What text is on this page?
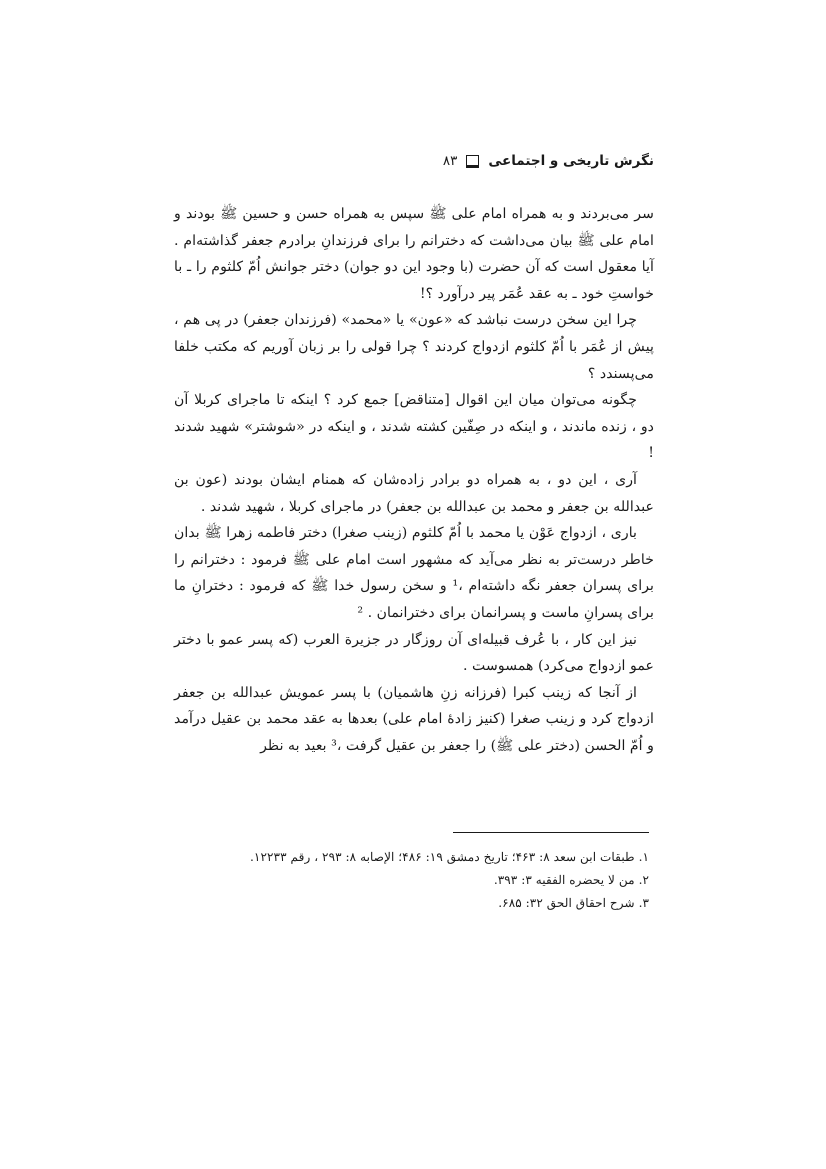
نگرش تاریخی و اجتماعی
۸۳

سر می‌بردند و به همراه امام علی ﷺ سپس به همراه حسن و حسین ﷺ بودند و امام علی ﷺ بیان می‌داشت که دخترانم را برای فرزندانِ برادرم جعفر گذاشته‌ام . آیا معقول است که آن حضرت (با وجود این دو جوان) دختر جوانش اُمّ کلثوم را ـ با خواستِ خود ـ به عقد عُمَر پیر درآورد ؟!

چرا این سخن درست نباشد که «عون» یا «محمد» (فرزندان جعفر) در پی هم ، پیش از عُمَر با اُمّ کلثوم ازدواج کردند ؟ چرا قولی را بر زبان آوریم که مکتب خلفا می‌پسندد ؟

چگونه می‌توان میان این اقوال [متناقض] جمع کرد ؟ اینکه تا ماجرای کربلا آن دو ، زنده ماندند ، و اینکه در صِفّین کشته شدند ، و اینکه در «شوشتر» شهید شدند !

آری ، این دو ، به همراه دو برادر زاده‌شان که همنام ایشان بودند (عون بن عبدالله بن جعفر و محمد بن عبدالله بن جعفر) در ماجرای کربلا ، شهید شدند .

باری ، ازدواج عَوْن یا محمد با اُمّ کلثوم (زینب صغرا) دختر فاطمه زهرا ﷺ بدان خاطر درست‌تر به نظر می‌آید که مشهور است امام علی ﷺ فرمود : دخترانم را برای پسران جعفر نگه داشته‌ام ،¹ و سخن رسول خدا ﷺ که فرمود : دخترانِ ما برای پسرانِ ماست و پسرانمان برای دخترانمان . ²

نیز این کار ، با عُرف قبیله‌ای آن روزگار در جزیرة العرب (که پسر عمو با دختر عمو ازدواج می‌کرد) همسوست .

از آنجا که زینب کبرا (فرزانه زنِ هاشمیان) با پسر عمویش عبدالله بن جعفر ازدواج کرد و زینب صغرا (کنیز زادهٔ امام علی) بعدها به عقد محمد بن عقیل درآمد و اُمّ الحسن (دختر علی ﷺ) را جعفر بن عقیل گرفت ،³ بعید به نظر

۱. طبقات ابن سعد ۸: ۴۶۳؛ تاریخ دمشق ۱۹: ۴۸۶؛ الإصابه ۸: ۲۹۳ ، رقم ۱۲۲۳۳.
۲. من لا یحضره الفقیه ۳: ۳۹۳.
۳. شرح احقاق الحق ۳۲: ۶۸۵.
